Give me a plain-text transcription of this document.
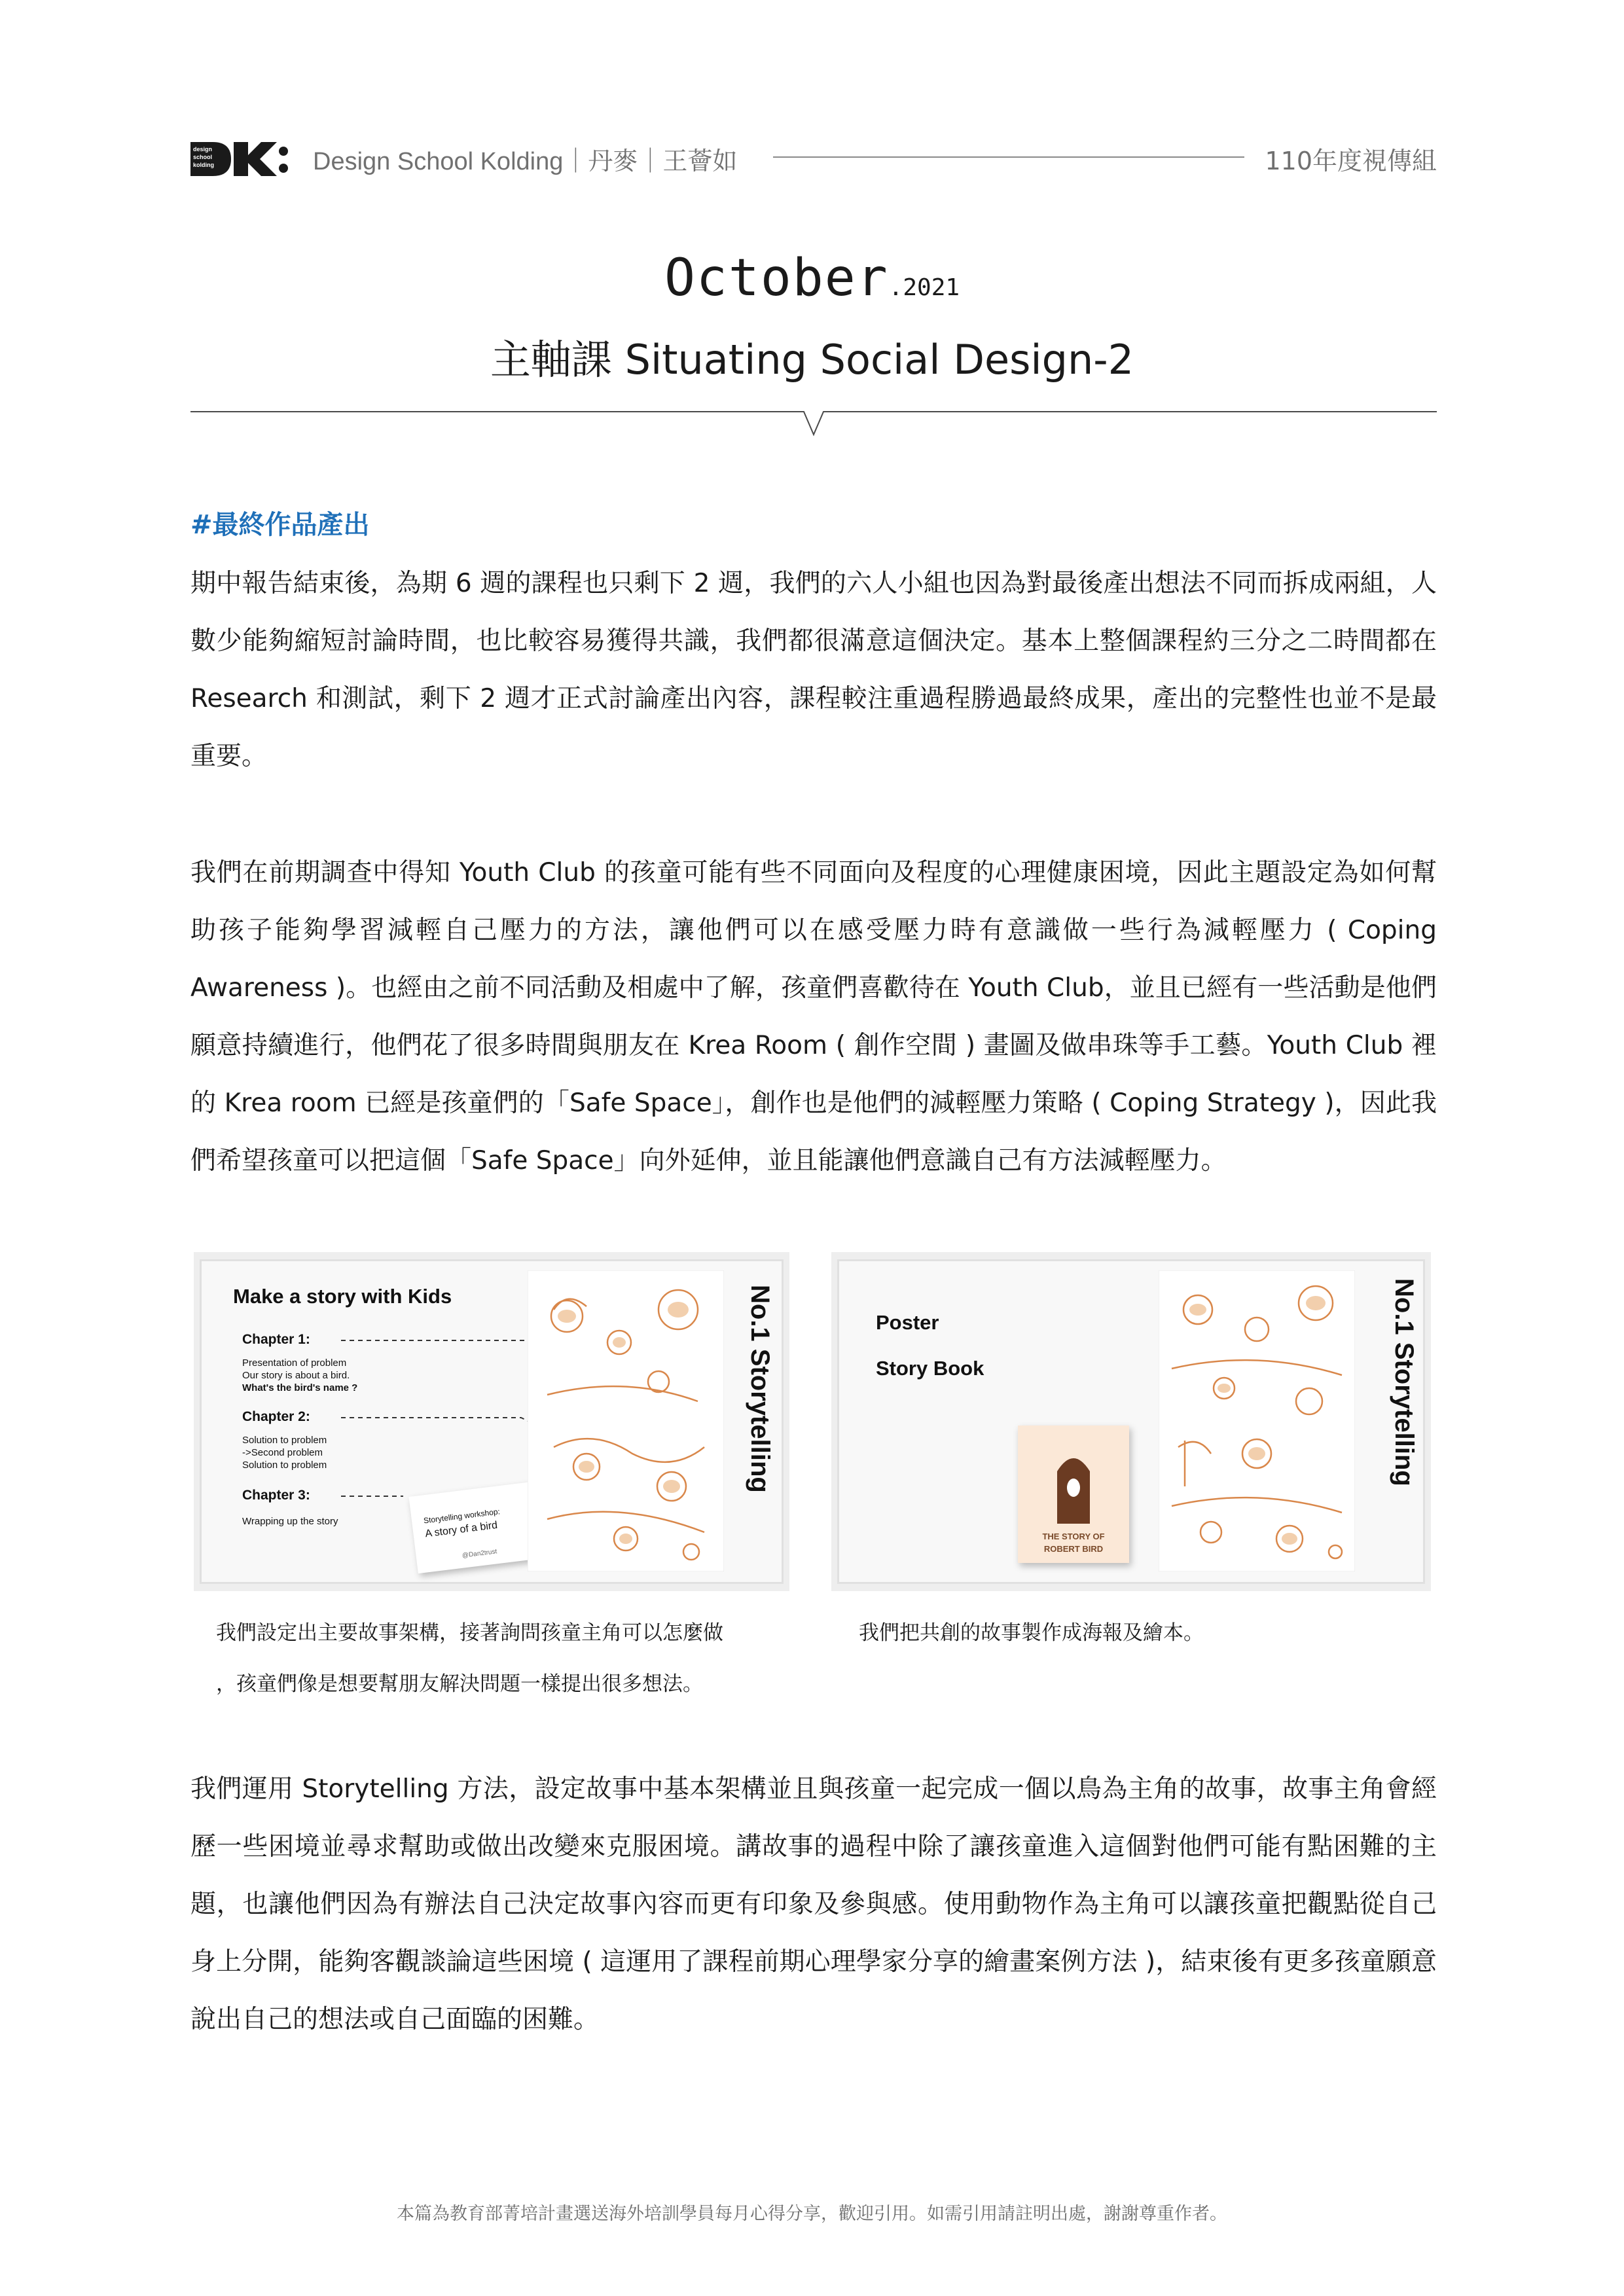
design
school
kolding	Design School Kolding｜丹麥｜王薈如	110年度視傳組
October.2021
主軸課 Situating Social Design-2
#最終作品產出
期中報告結束後，為期 6 週的課程也只剩下 2 週，我們的六人小組也因為對最後產出想法不同而拆成兩組，人數少能夠縮短討論時間，也比較容易獲得共識，我們都很滿意這個決定。基本上整個課程約三分之二時間都在 Research 和測試，剩下 2 週才正式討論產出內容，課程較注重過程勝過最終成果，產出的完整性也並不是最重要。
我們在前期調查中得知 Youth Club 的孩童可能有些不同面向及程度的心理健康困境，因此主題設定為如何幫助孩子能夠學習減輕自己壓力的方法，讓他們可以在感受壓力時有意識做一些行為減輕壓力 ( Coping Awareness )。也經由之前不同活動及相處中了解，孩童們喜歡待在 Youth Club，並且已經有一些活動是他們願意持續進行，他們花了很多時間與朋友在 Krea Room ( 創作空間 ) 畫圖及做串珠等手工藝。Youth Club 裡的 Krea room 已經是孩童們的「Safe Space」，創作也是他們的減輕壓力策略 ( Coping Strategy )，因此我們希望孩童可以把這個「Safe Space」向外延伸，並且能讓他們意識自己有方法減輕壓力。
Make a story with Kids
Chapter 1:
Presentation of problem
Our story is about a bird.
What's the bird's name ?
Chapter 2:
Solution to problem
->Second problem
Solution to problem
Chapter 3:
Wrapping up the story	Storytelling workshop:
A story of a bird
@Dan2trust
No.1 Storytelling	Poster
Story Book
THE STORY OF ROBERT BIRD
No.1 Storytelling
我們設定出主要故事架構，接著詢問孩童主角可以怎麼做
，孩童們像是想要幫朋友解決問題一樣提出很多想法。
我們把共創的故事製作成海報及繪本。
我們運用 Storytelling 方法，設定故事中基本架構並且與孩童一起完成一個以鳥為主角的故事，故事主角會經歷一些困境並尋求幫助或做出改變來克服困境。講故事的過程中除了讓孩童進入這個對他們可能有點困難的主題，也讓他們因為有辦法自己決定故事內容而更有印象及參與感。使用動物作為主角可以讓孩童把觀點從自己身上分開，能夠客觀談論這些困境 ( 這運用了課程前期心理學家分享的繪畫案例方法 )，結束後有更多孩童願意說出自己的想法或自己面臨的困難。
本篇為教育部菁培計畫選送海外培訓學員每月心得分享，歡迎引用。如需引用請註明出處，謝謝尊重作者。
